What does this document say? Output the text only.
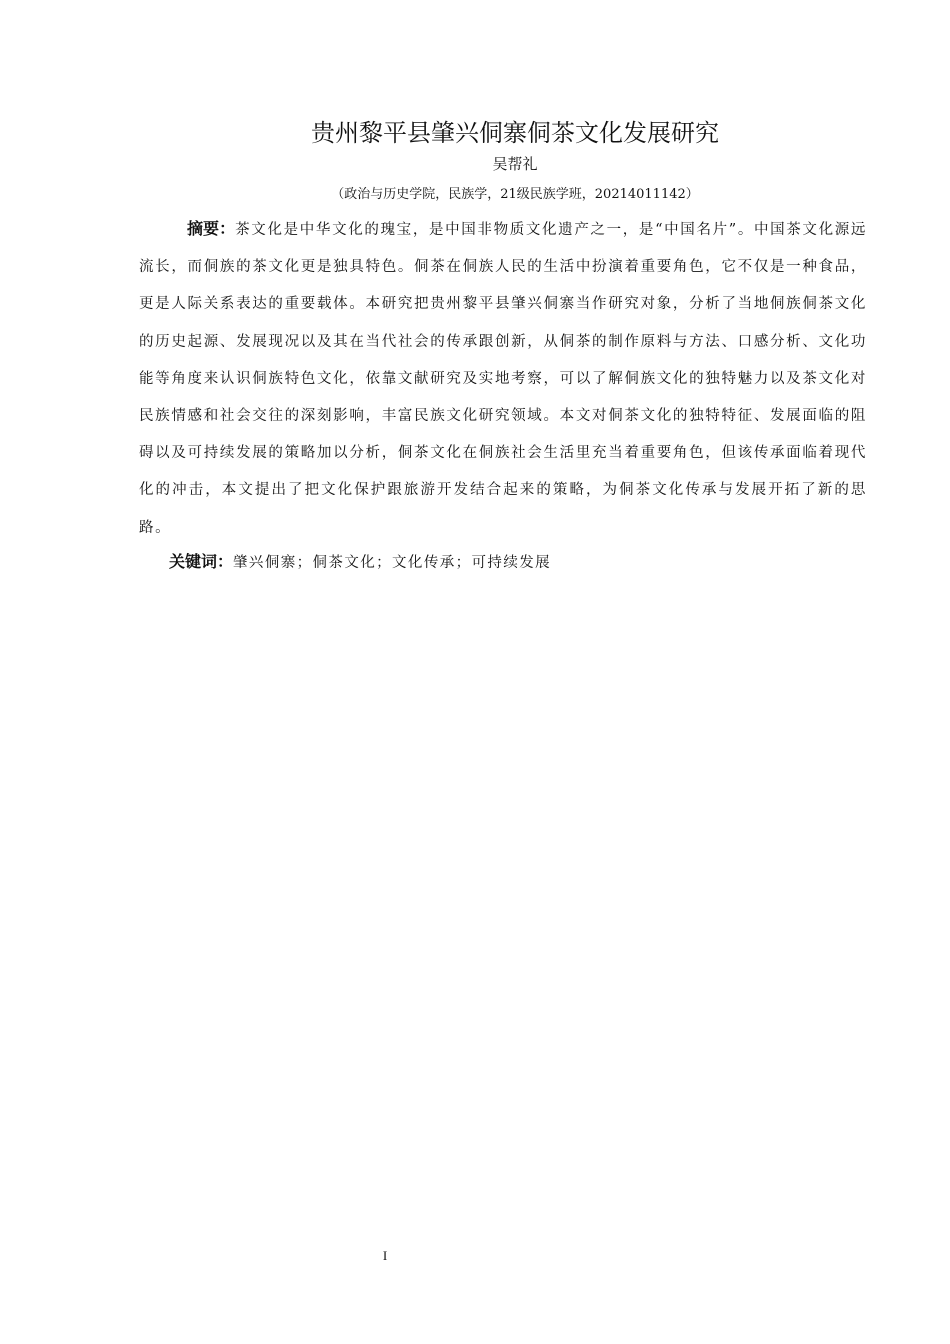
贵州黎平县肇兴侗寨侗茶文化发展研究
吴帮礼
（政治与历史学院，民族学，21级民族学班，20214011142）

摘要：茶文化是中华文化的瑰宝，是中国非物质文化遗产之一，是“中国名片”。中国茶文化源远流长，而侗族的茶文化更是独具特色。侗茶在侗族人民的生活中扮演着重要角色，它不仅是一种食品，更是人际关系表达的重要载体。本研究把贵州黎平县肇兴侗寨当作研究对象，分析了当地侗族侗茶文化的历史起源、发展现况以及其在当代社会的传承跟创新，从侗茶的制作原料与方法、口感分析、文化功能等角度来认识侗族特色文化，依靠文献研究及实地考察，可以了解侗族文化的独特魅力以及茶文化对民族情感和社会交往的深刻影响，丰富民族文化研究领域。本文对侗茶文化的独特特征、发展面临的阻碍以及可持续发展的策略加以分析，侗茶文化在侗族社会生活里充当着重要角色，但该传承面临着现代化的冲击，本文提出了把文化保护跟旅游开发结合起来的策略，为侗茶文化传承与发展开拓了新的思路。

关键词：肇兴侗寨；侗茶文化；文化传承；可持续发展

I
